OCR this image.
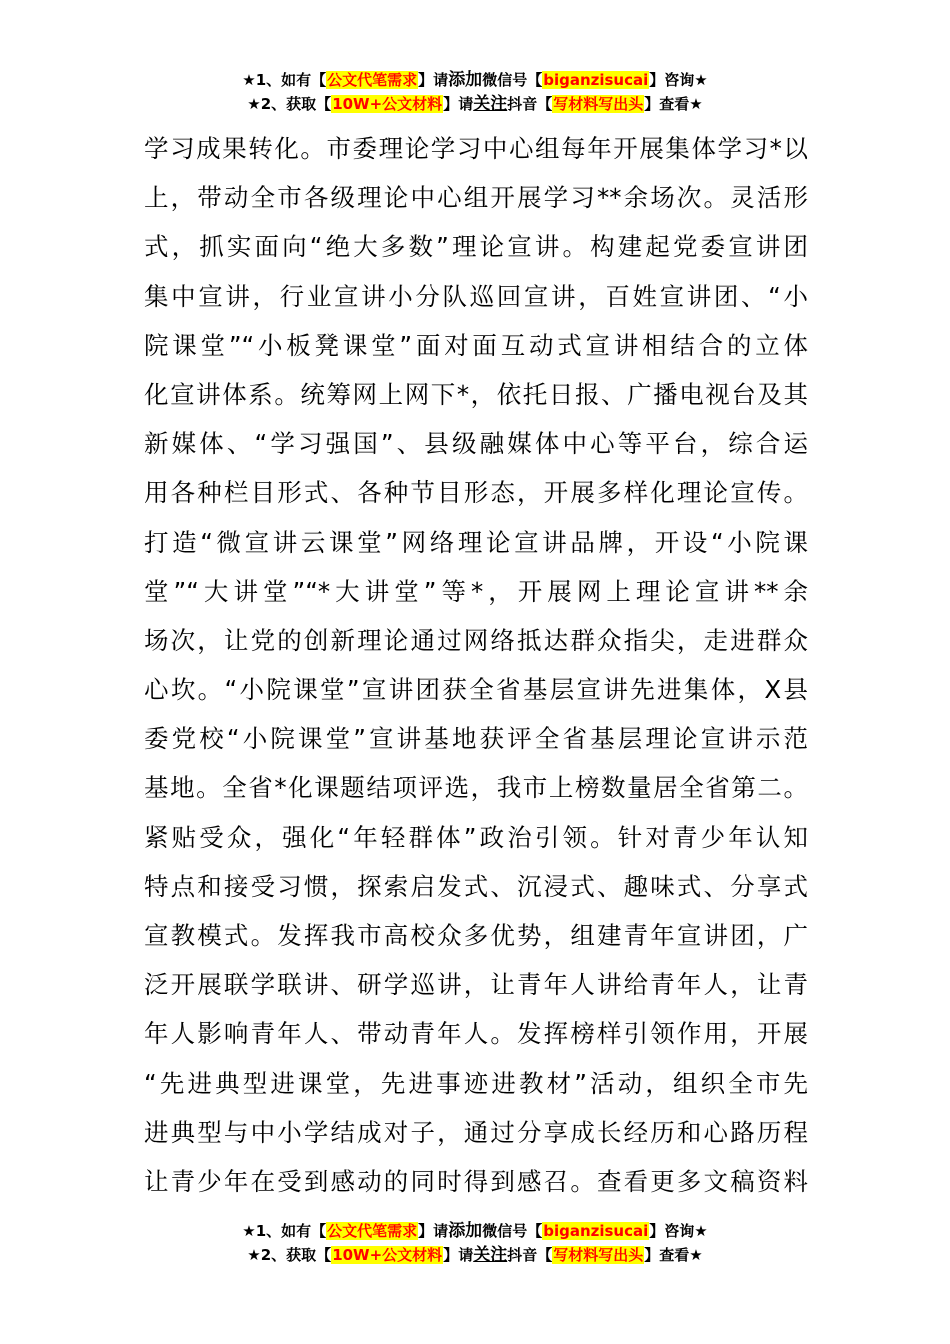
★1、如有【公文代笔需求】请添加微信号【biganzisucai】咨询★
★2、获取【10W+公文材料】请关注抖音【写材料写出头】查看★
学习成果转化。市委理论学习中心组每年开展集体学习*以
上，带动全市各级理论中心组开展学习**余场次。灵活形
式，抓实面向“绝大多数”理论宣讲。构建起党委宣讲团
集中宣讲，行业宣讲小分队巡回宣讲，百姓宣讲团、“小
院课堂”“小板凳课堂”面对面互动式宣讲相结合的立体
化宣讲体系。统筹网上网下*，依托日报、广播电视台及其
新媒体、“学习强国”、县级融媒体中心等平台，综合运
用各种栏目形式、各种节目形态，开展多样化理论宣传。
打造“微宣讲云课堂”网络理论宣讲品牌，开设“小院课
堂”“大讲堂”“*大讲堂”等*，开展网上理论宣讲**余
场次，让党的创新理论通过网络抵达群众指尖，走进群众
心坎。“小院课堂”宣讲团获全省基层宣讲先进集体，X县
委党校“小院课堂”宣讲基地获评全省基层理论宣讲示范
基地。全省*化课题结项评选，我市上榜数量居全省第二。
紧贴受众，强化“年轻群体”政治引领。针对青少年认知
特点和接受习惯，探索启发式、沉浸式、趣味式、分享式
宣教模式。发挥我市高校众多优势，组建青年宣讲团，广
泛开展联学联讲、研学巡讲，让青年人讲给青年人，让青
年人影响青年人、带动青年人。发挥榜样引领作用，开展
“先进典型进课堂，先进事迹进教材”活动，组织全市先
进典型与中小学结成对子，通过分享成长经历和心路历程
让青少年在受到感动的同时得到感召。查看更多文稿资料
★1、如有【公文代笔需求】请添加微信号【biganzisucai】咨询★
★2、获取【10W+公文材料】请关注抖音【写材料写出头】查看★
